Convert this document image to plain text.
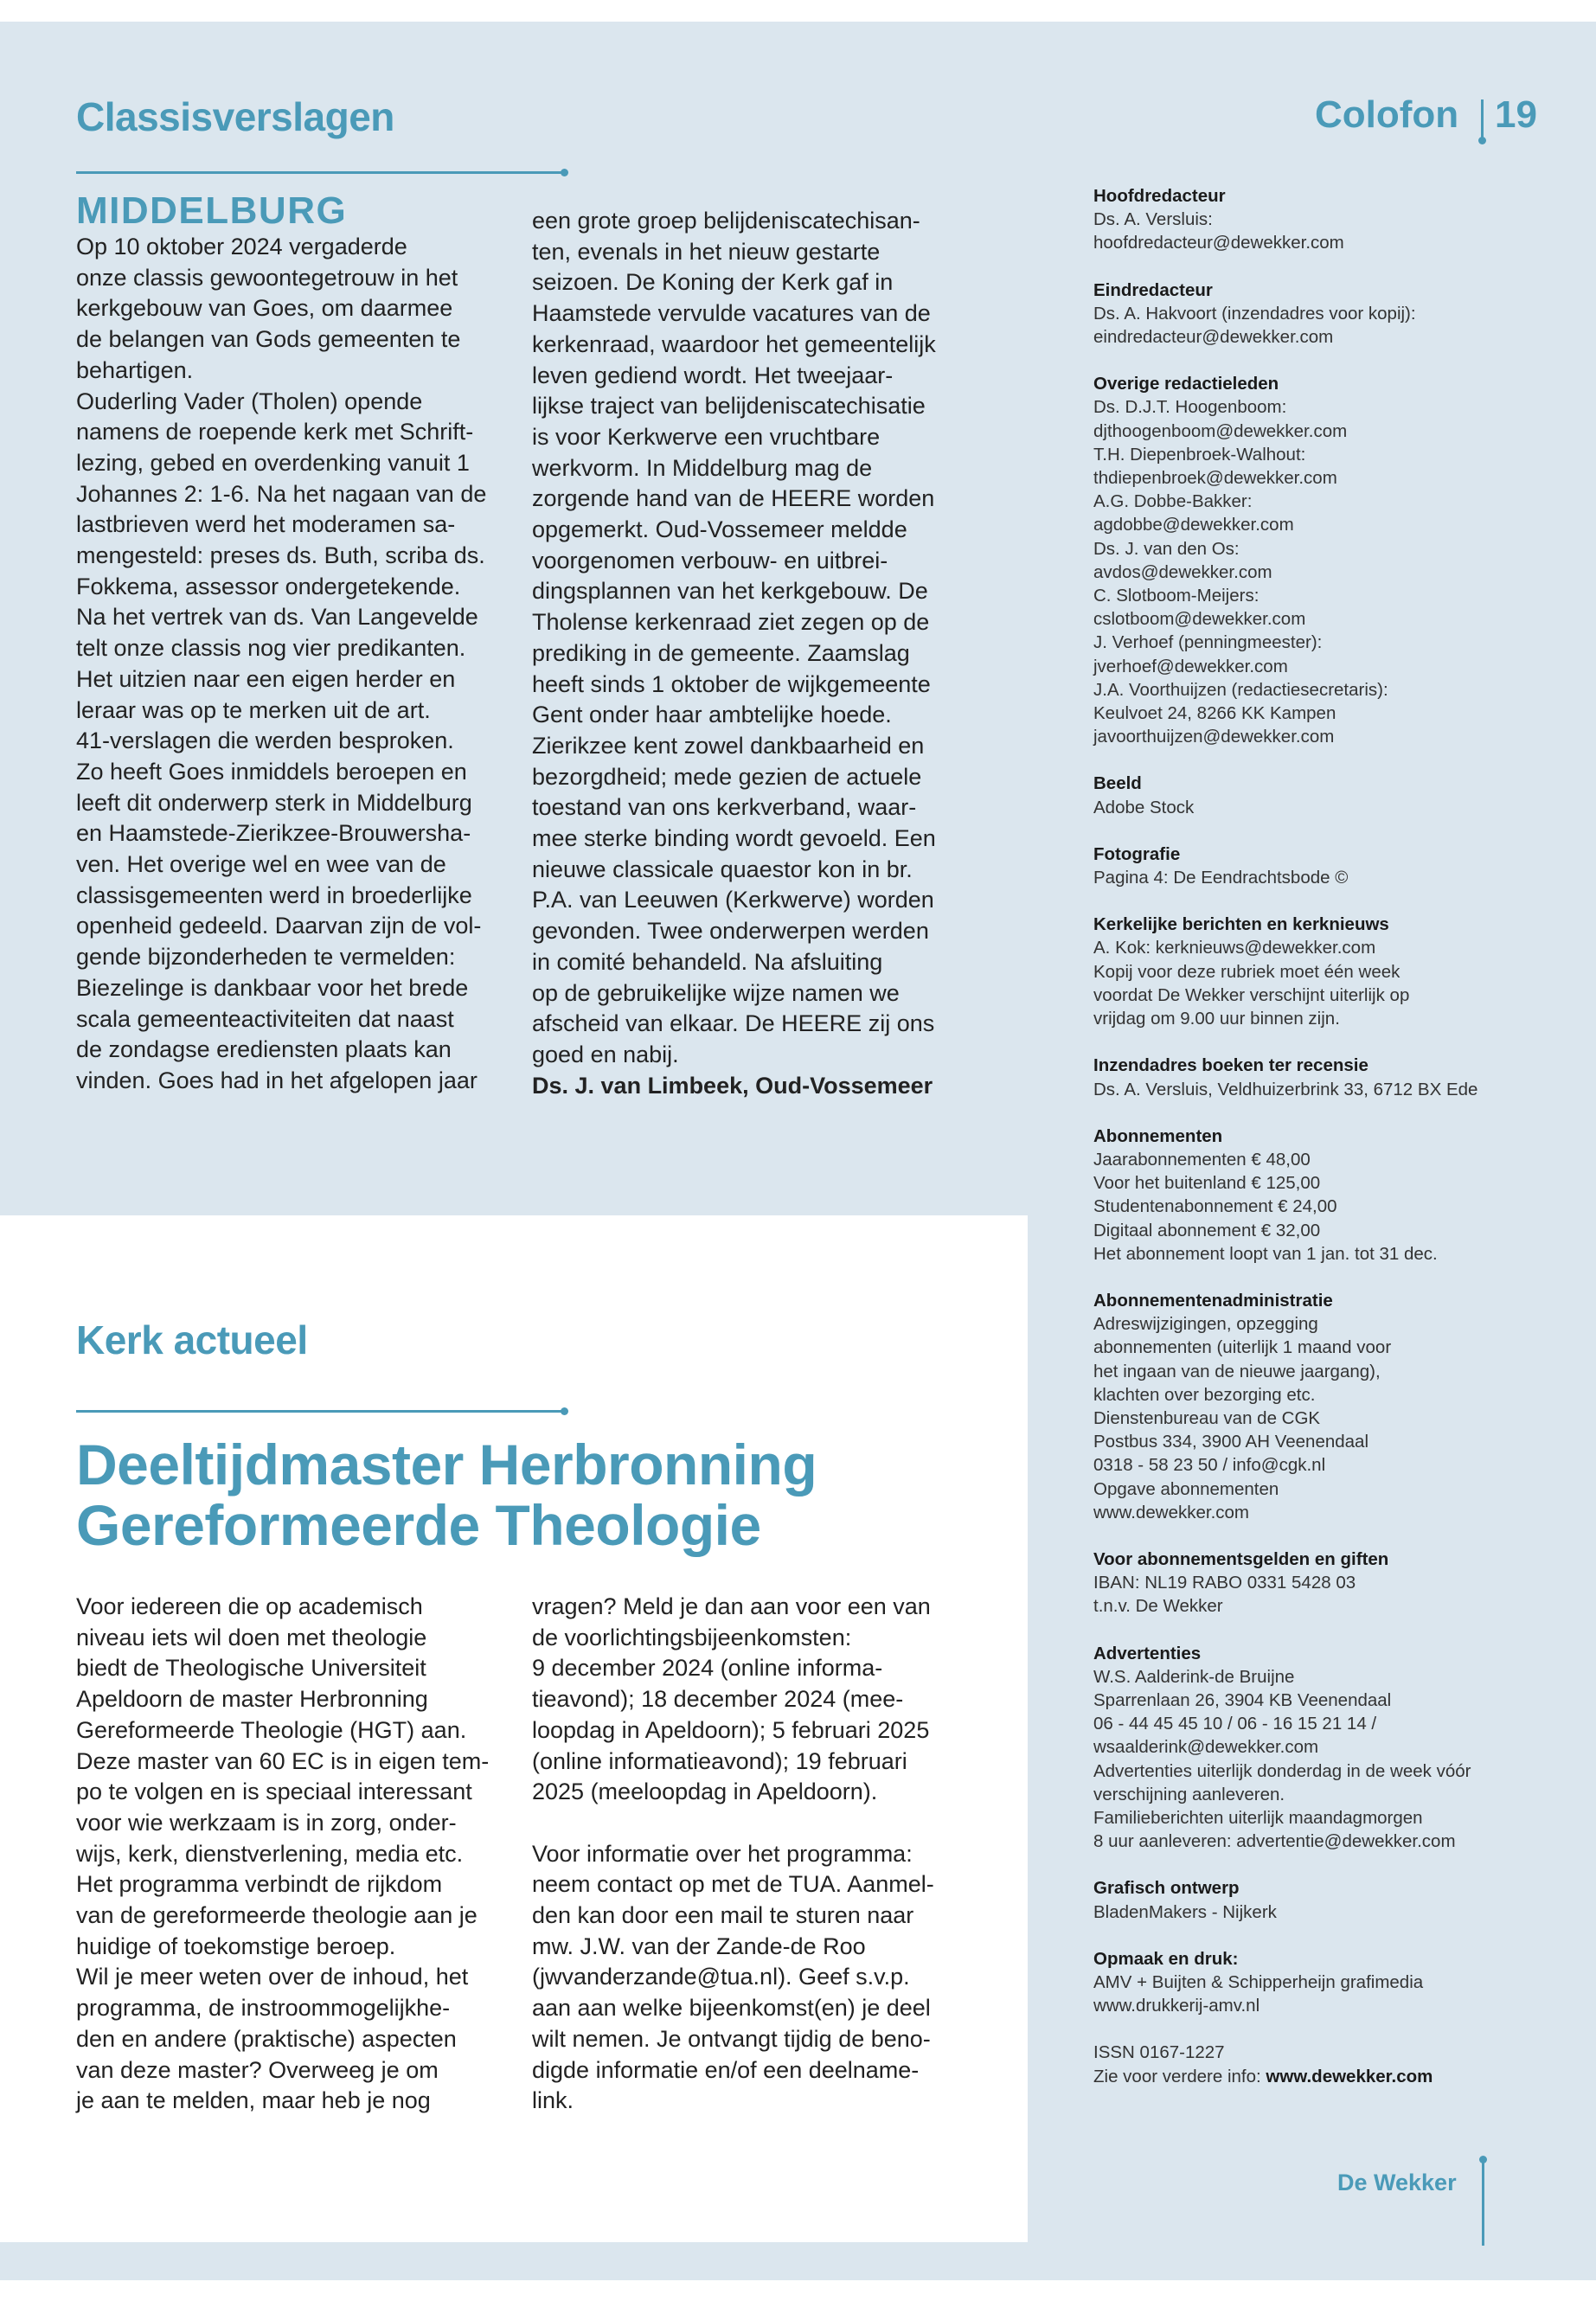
Classisverslagen	Colofon 19
MIDDELBURG

Op 10 oktober 2024 vergaderde

onze classis gewoontegetrouw in het

kerkgebouw van Goes, om daarmee

de belangen van Gods gemeenten te

behartigen.

Ouderling Vader (Tholen) opende

namens de roepende kerk met Schrift-

lezing, gebed en overdenking vanuit 1

Johannes 2: 1-6. Na het nagaan van de

lastbrieven werd het moderamen sa-

mengesteld: preses ds. Buth, scriba ds.

Fokkema, assessor ondergetekende.

Na het vertrek van ds. Van Langevelde

telt onze classis nog vier predikanten.

Het uitzien naar een eigen herder en

leraar was op te merken uit de art.

41-verslagen die werden besproken.

Zo heeft Goes inmiddels beroepen en

leeft dit onderwerp sterk in Middelburg

en Haamstede-Zierikzee-Brouwersha-

ven. Het overige wel en wee van de

classisgemeenten werd in broederlijke

openheid gedeeld. Daarvan zijn de vol-

gende bijzonderheden te vermelden:

Biezelinge is dankbaar voor het brede

scala gemeenteactiviteiten dat naast

de zondagse erediensten plaats kan

vinden. Goes had in het afgelopen jaar

een grote groep belijdeniscatechisan-

ten, evenals in het nieuw gestarte

seizoen. De Koning der Kerk gaf in

Haamstede vervulde vacatures van de

kerkenraad, waardoor het gemeentelijk

leven gediend wordt. Het tweejaar-

lijkse traject van belijdeniscatechisatie

is voor Kerkwerve een vruchtbare

werkvorm. In Middelburg mag de

zorgende hand van de HEERE worden

opgemerkt. Oud-Vossemeer meldde

voorgenomen verbouw- en uitbrei-

dingsplannen van het kerkgebouw. De

Tholense kerkenraad ziet zegen op de

prediking in de gemeente. Zaamslag

heeft sinds 1 oktober de wijkgemeente

Gent onder haar ambtelijke hoede.

Zierikzee kent zowel dankbaarheid en

bezorgdheid; mede gezien de actuele

toestand van ons kerkverband, waar-

mee sterke binding wordt gevoeld. Een

nieuwe classicale quaestor kon in br.

P.A. van Leeuwen (Kerkwerve) worden

gevonden. Twee onderwerpen werden

in comité behandeld. Na afsluiting

op de gebruikelijke wijze namen we

afscheid van elkaar. De HEERE zij ons

goed en nabij.

Ds. J. van Limbeek, Oud-Vossemeer

Kerk actueel

Deeltijdmaster Herbronning

Gereformeerde Theologie

Voor iedereen die op academisch

niveau iets wil doen met theologie

biedt de Theologische Universiteit

Apeldoorn de master Herbronning

Gereformeerde Theologie (HGT) aan.

Deze master van 60 EC is in eigen tem-

po te volgen en is speciaal interessant

voor wie werkzaam is in zorg, onder-

wijs, kerk, dienstverlening, media etc.

Het programma verbindt de rijkdom

van de gereformeerde theologie aan je

huidige of toekomstige beroep.

Wil je meer weten over de inhoud, het

programma, de instroommogelijkhe-

den en andere (praktische) aspecten

van deze master? Overweeg je om

je aan te melden, maar heb je nog

vragen? Meld je dan aan voor een van

de voorlichtingsbijeenkomsten:

9 december 2024 (online informa-

tieavond); 18 december 2024 (mee-

loopdag in Apeldoorn); 5 februari 2025

(online informatieavond); 19 februari

2025 (meeloopdag in Apeldoorn).

Voor informatie over het programma:

neem contact op met de TUA. Aanmel-

den kan door een mail te sturen naar

mw. J.W. van der Zande-de Roo

(jwvanderzande@tua.nl). Geef s.v.p.

aan aan welke bijeenkomst(en) je deel

wilt nemen. Je ontvangt tijdig de beno-

digde informatie en/of een deelname-

link.

Hoofdredacteur
Ds. A. Versluis:
hoofdredacteur@dewekker.com
Eindredacteur
Ds. A. Hakvoort (inzendadres voor kopij):
eindredacteur@dewekker.com
Overige redactieleden
Ds. D.J.T. Hoogenboom:
djthoogenboom@dewekker.com
T.H. Diepenbroek-Walhout:
thdiepenbroek@dewekker.com
A.G. Dobbe-Bakker:
agdobbe@dewekker.com
Ds. J. van den Os:
avdos@dewekker.com
C. Slotboom-Meijers:
cslotboom@dewekker.com
J. Verhoef (penningmeester):
jverhoef@dewekker.com
J.A. Voorthuijzen (redactiesecretaris):
Keulvoet 24, 8266 KK Kampen
javoorthuijzen@dewekker.com
Beeld
Adobe Stock
Fotografie
Pagina 4: De Eendrachtsbode ©
Kerkelijke berichten en kerknieuws
A. Kok: kerknieuws@dewekker.com
Kopij voor deze rubriek moet één week
voordat De Wekker verschijnt uiterlijk op
vrijdag om 9.00 uur binnen zijn.
Inzendadres boeken ter recensie
Ds. A. Versluis, Veldhuizerbrink 33, 6712 BX Ede
Abonnementen
Jaarabonnementen € 48,00
Voor het buitenland € 125,00
Studentenabonnement € 24,00
Digitaal abonnement € 32,00
Het abonnement loopt van 1 jan. tot 31 dec.
Abonnementenadministratie
Adreswijzigingen, opzegging
abonnementen (uiterlijk 1 maand voor
het ingaan van de nieuwe jaargang),
klachten over bezorging etc.
Dienstenbureau van de CGK
Postbus 334, 3900 AH Veenendaal
0318 - 58 23 50 / info@cgk.nl
Opgave abonnementen
www.dewekker.com
Voor abonnementsgelden en giften
IBAN: NL19 RABO 0331 5428 03
t.n.v. De Wekker
Advertenties
W.S. Aalderink-de Bruijne
Sparrenlaan 26, 3904 KB Veenendaal
06 - 44 45 45 10 / 06 - 16 15 21 14 /
wsaalderink@dewekker.com
Advertenties uiterlijk donderdag in de week vóór
verschijning aanleveren.
Familieberichten uiterlijk maandagmorgen
8 uur aanleveren: advertentie@dewekker.com
Grafisch ontwerp
BladenMakers - Nijkerk
Opmaak en druk:
AMV + Buijten & Schipperheijn grafimedia
www.drukkerij-amv.nl
ISSN 0167-1227
Zie voor verdere info: www.dewekker.com
De Wekker
